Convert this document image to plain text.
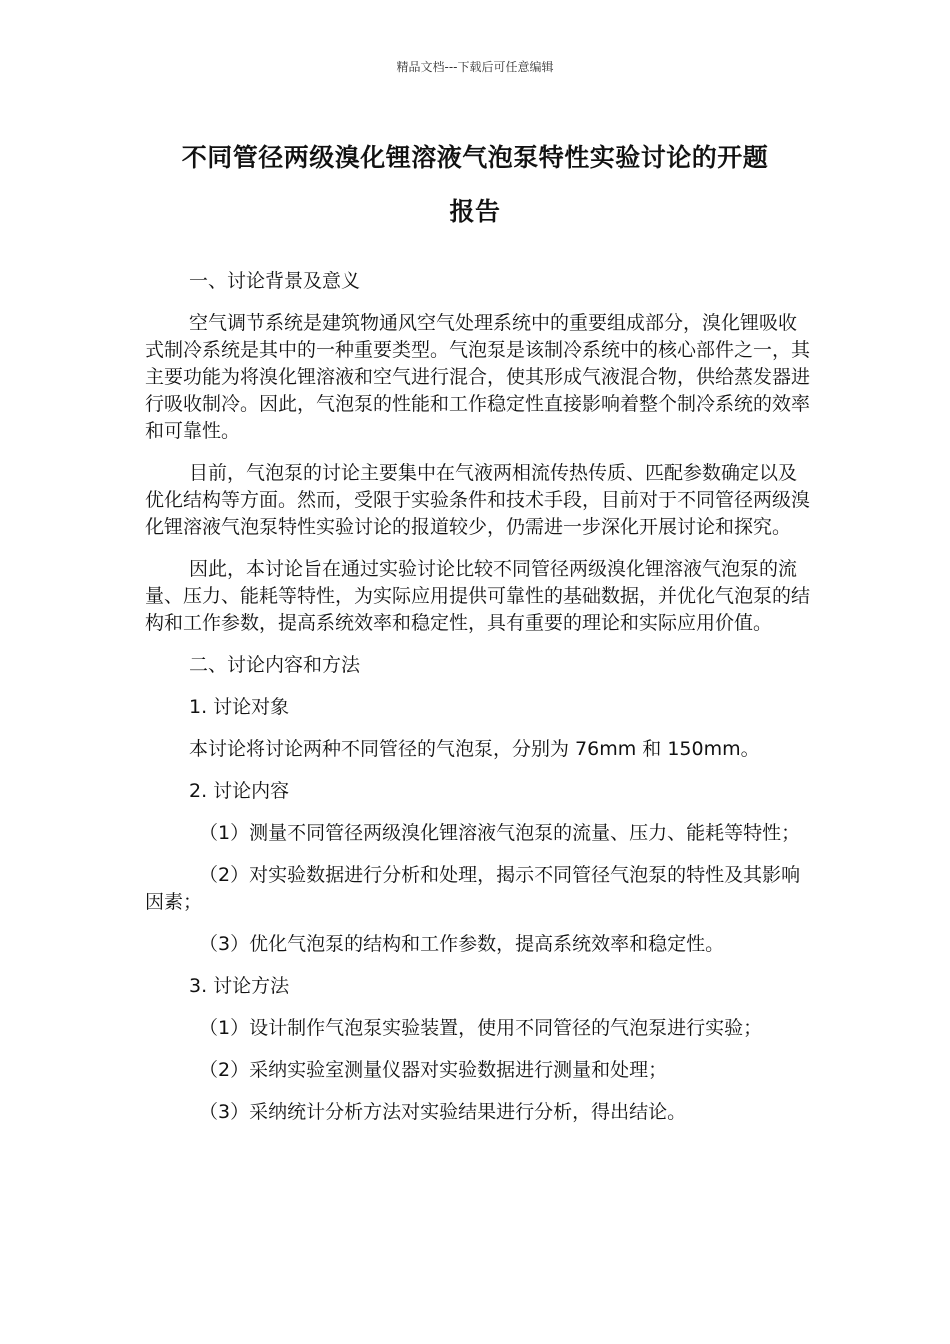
精品文档---下载后可任意编辑
不同管径两级溴化锂溶液气泡泵特性实验讨论的开题
报告

一、讨论背景及意义

空气调节系统是建筑物通风空气处理系统中的重要组成部分，溴化锂吸收式制冷系统是其中的一种重要类型。气泡泵是该制冷系统中的核心部件之一，其主要功能为将溴化锂溶液和空气进行混合，使其形成气液混合物，供给蒸发器进行吸收制冷。因此，气泡泵的性能和工作稳定性直接影响着整个制冷系统的效率和可靠性。

目前，气泡泵的讨论主要集中在气液两相流传热传质、匹配参数确定以及优化结构等方面。然而，受限于实验条件和技术手段，目前对于不同管径两级溴化锂溶液气泡泵特性实验讨论的报道较少，仍需进一步深化开展讨论和探究。

因此，本讨论旨在通过实验讨论比较不同管径两级溴化锂溶液气泡泵的流量、压力、能耗等特性，为实际应用提供可靠性的基础数据，并优化气泡泵的结构和工作参数，提高系统效率和稳定性，具有重要的理论和实际应用价值。

二、讨论内容和方法

1. 讨论对象

本讨论将讨论两种不同管径的气泡泵，分别为 76mm 和 150mm。

2. 讨论内容

（1）测量不同管径两级溴化锂溶液气泡泵的流量、压力、能耗等特性；

（2）对实验数据进行分析和处理，揭示不同管径气泡泵的特性及其影响因素；

（3）优化气泡泵的结构和工作参数，提高系统效率和稳定性。

3. 讨论方法

（1）设计制作气泡泵实验装置，使用不同管径的气泡泵进行实验；

（2）采纳实验室测量仪器对实验数据进行测量和处理；

（3）采纳统计分析方法对实验结果进行分析，得出结论。
